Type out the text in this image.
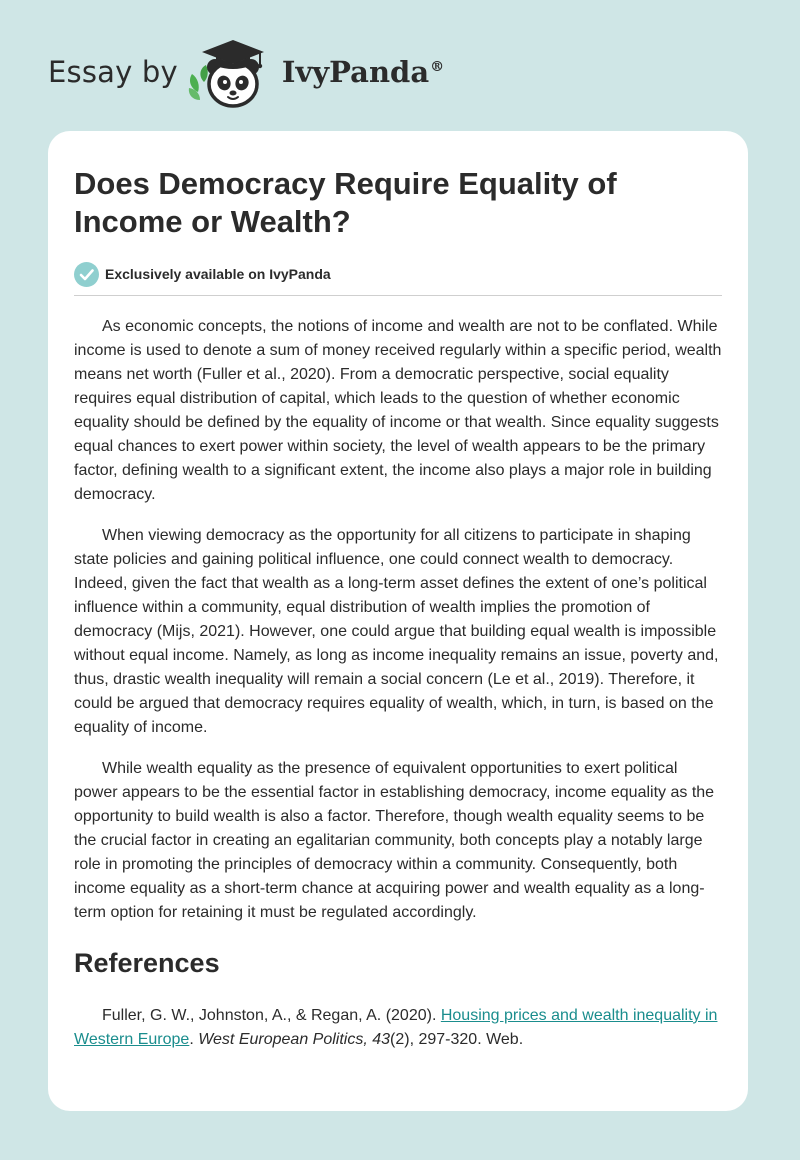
Essay by	IvyPanda®
Does Democracy Require Equality of Income or Wealth?
Exclusively available on IvyPanda

As economic concepts, the notions of income and wealth are not to be conflated. While income is used to denote a sum of money received regularly within a specific period, wealth means net worth (Fuller et al., 2020). From a democratic perspective, social equality requires equal distribution of capital, which leads to the question of whether economic equality should be defined by the equality of income or that wealth. Since equality suggests equal chances to exert power within society, the level of wealth appears to be the primary factor, defining wealth to a significant extent, the income also plays a major role in building democracy.

When viewing democracy as the opportunity for all citizens to participate in shaping state policies and gaining political influence, one could connect wealth to democracy. Indeed, given the fact that wealth as a long-term asset defines the extent of one’s political influence within a community, equal distribution of wealth implies the promotion of democracy (Mijs, 2021). However, one could argue that building equal wealth is impossible without equal income. Namely, as long as income inequality remains an issue, poverty and, thus, drastic wealth inequality will remain a social concern (Le et al., 2019). Therefore, it could be argued that democracy requires equality of wealth, which, in turn, is based on the equality of income.

While wealth equality as the presence of equivalent opportunities to exert political power appears to be the essential factor in establishing democracy, income equality as the opportunity to build wealth is also a factor. Therefore, though wealth equality seems to be the crucial factor in creating an egalitarian community, both concepts play a notably large role in promoting the principles of democracy within a community. Consequently, both income equality as a short-term chance at acquiring power and wealth equality as a long-term option for retaining it must be regulated accordingly.

References

Fuller, G. W., Johnston, A., & Regan, A. (2020). Housing prices and wealth inequality in Western Europe. West European Politics, 43(2), 297-320. Web.
